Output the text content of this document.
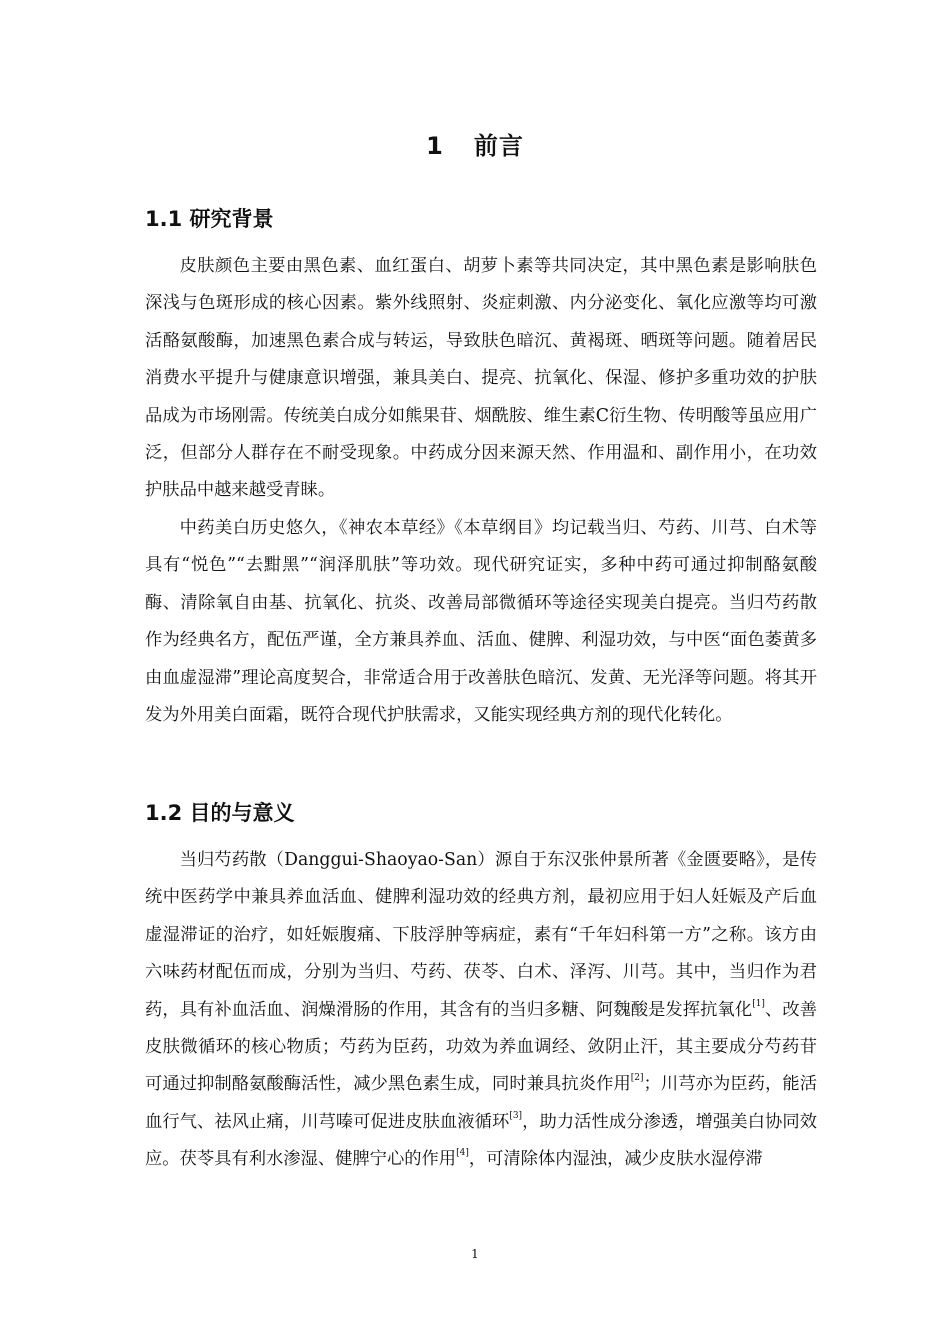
1 前言
1.1 研究背景
皮肤颜色主要由黑色素、血红蛋白、胡萝卜素等共同决定，其中黑色素是影响肤色深浅与色斑形成的核心因素。紫外线照射、炎症刺激、内分泌变化、氧化应激等均可激活酪氨酸酶，加速黑色素合成与转运，导致肤色暗沉、黄褐斑、晒斑等问题。随着居民消费水平提升与健康意识增强，兼具美白、提亮、抗氧化、保湿、修护多重功效的护肤品成为市场刚需。传统美白成分如熊果苷、烟酰胺、维生素C衍生物、传明酸等虽应用广泛，但部分人群存在不耐受现象。中药成分因来源天然、作用温和、副作用小，在功效护肤品中越来越受青睐。
中药美白历史悠久，《神农本草经》《本草纲目》均记载当归、芍药、川芎、白术等具有“悦色”“去黚黑”“润泽肌肤”等功效。现代研究证实，多种中药可通过抑制酪氨酸酶、清除氧自由基、抗氧化、抗炎、改善局部微循环等途径实现美白提亮。当归芍药散作为经典名方，配伍严谨，全方兼具养血、活血、健脾、利湿功效，与中医“面色萎黄多由血虚湿滞”理论高度契合，非常适合用于改善肤色暗沉、发黄、无光泽等问题。将其开发为外用美白面霜，既符合现代护肤需求，又能实现经典方剂的现代化转化。
1.2 目的与意义
当归芍药散（Danggui-Shaoyao-San）源自于东汉张仲景所著《金匮要略》，是传统中医药学中兼具养血活血、健脾利湿功效的经典方剂，最初应用于妇人妊娠及产后血虚湿滞证的治疗，如妊娠腹痛、下肢浮肿等病症，素有“千年妇科第一方”之称。该方由六味药材配伍而成，分别为当归、芍药、茯苓、白术、泽泻、川芎。其中，当归作为君药，具有补血活血、润燥滑肠的作用，其含有的当归多糖、阿魏酸是发挥抗氧化[1]、改善皮肤微循环的核心物质；芍药为臣药，功效为养血调经、敛阴止汗，其主要成分芍药苷可通过抑制酪氨酸酶活性，减少黑色素生成，同时兼具抗炎作用[2]；川芎亦为臣药，能活血行气、祛风止痛，川芎嗪可促进皮肤血液循环[3]，助力活性成分渗透，增强美白协同效应。茯苓具有利水渗湿、健脾宁心的作用[4]，可清除体内湿浊，减少皮肤水湿停滞
1
